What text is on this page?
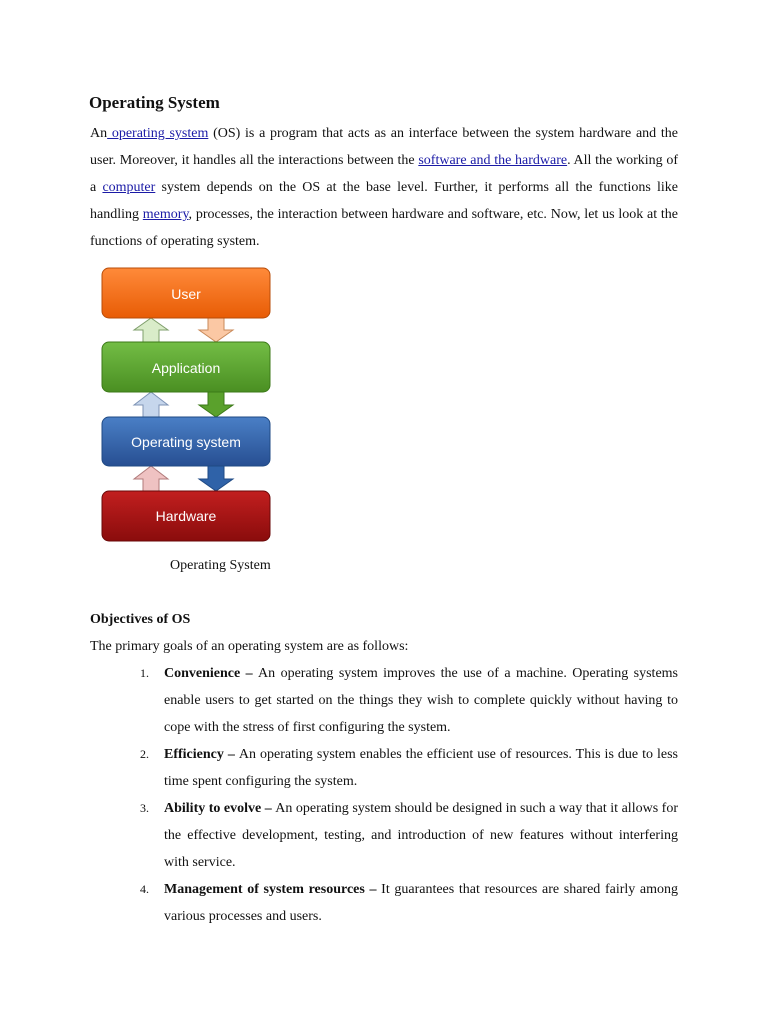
Operating System

An operating system (OS) is a program that acts as an interface between the system hardware and the user. Moreover, it handles all the interactions between the software and the hardware. All the working of a computer system depends on the OS at the base level. Further, it performs all the functions like handling memory, processes, the interaction between hardware and software, etc. Now, let us look at the functions of operating system.

User
Application
Operating system
Hardware

Operating System

Objectives of OS

The primary goals of an operating system are as follows:

1. Convenience – An operating system improves the use of a machine. Operating systems enable users to get started on the things they wish to complete quickly without having to cope with the stress of first configuring the system.
2. Efficiency – An operating system enables the efficient use of resources. This is due to less time spent configuring the system.
3. Ability to evolve – An operating system should be designed in such a way that it allows for the effective development, testing, and introduction of new features without interfering with service.
4. Management of system resources – It guarantees that resources are shared fairly among various processes and users.
